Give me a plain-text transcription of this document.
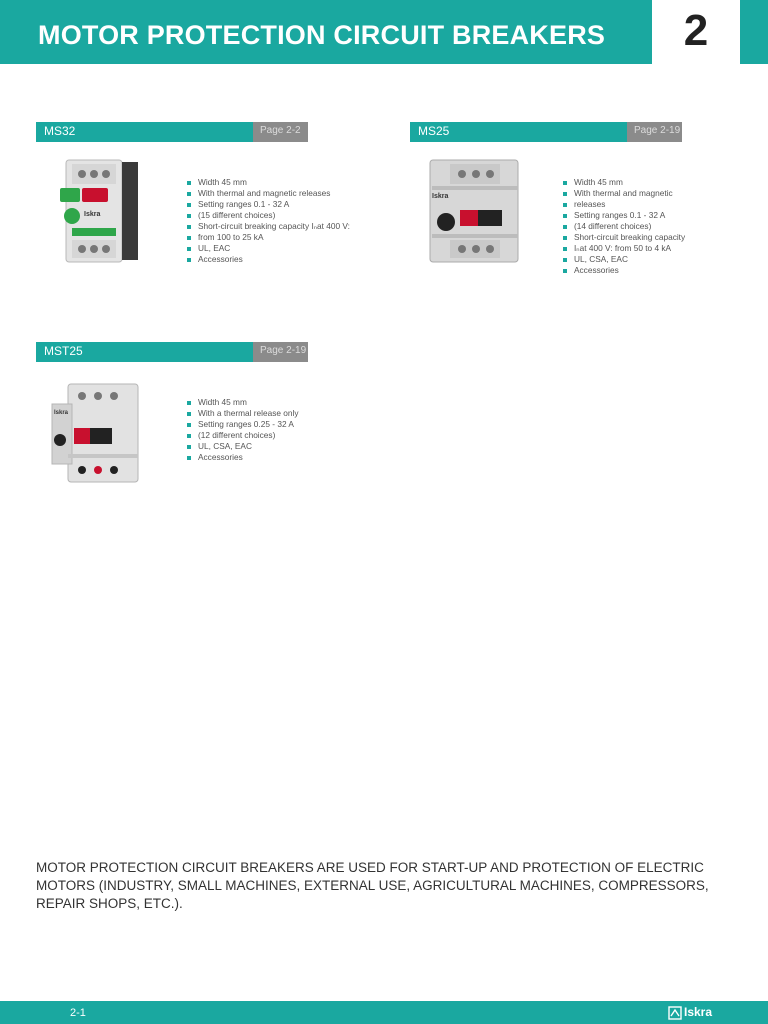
MOTOR PROTECTION CIRCUIT BREAKERS	2
MS32	Page 2-2
Iskra
Width 45 mm
With thermal and magnetic releases
Setting ranges 0.1 - 32 A
(15 different choices)
Short-circuit breaking capacity Iₙat 400 V:
from 100 to 25 kA
UL, EAC
Accessories
MS25	Page 2-19
Iskra
Width 45 mm
With thermal and magnetic
releases
Setting ranges 0.1 - 32 A
(14 different choices)
Short-circuit breaking capacity
Iₙat 400 V: from 50 to 4 kA
UL, CSA, EAC
Accessories
MST25	Page 2-19
Iskra
Width 45 mm
With a thermal release only
Setting ranges 0.25 - 32 A
(12 different choices)
UL, CSA, EAC
Accessories

MOTOR PROTECTION CIRCUIT BREAKERS ARE USED FOR START-UP AND PROTECTION OF ELECTRIC MOTORS (INDUSTRY, SMALL MACHINES, EXTERNAL USE, AGRICULTURAL MACHINES, COMPRESSORS, REPAIR SHOPS, ETC.).

2-1	Iskra
